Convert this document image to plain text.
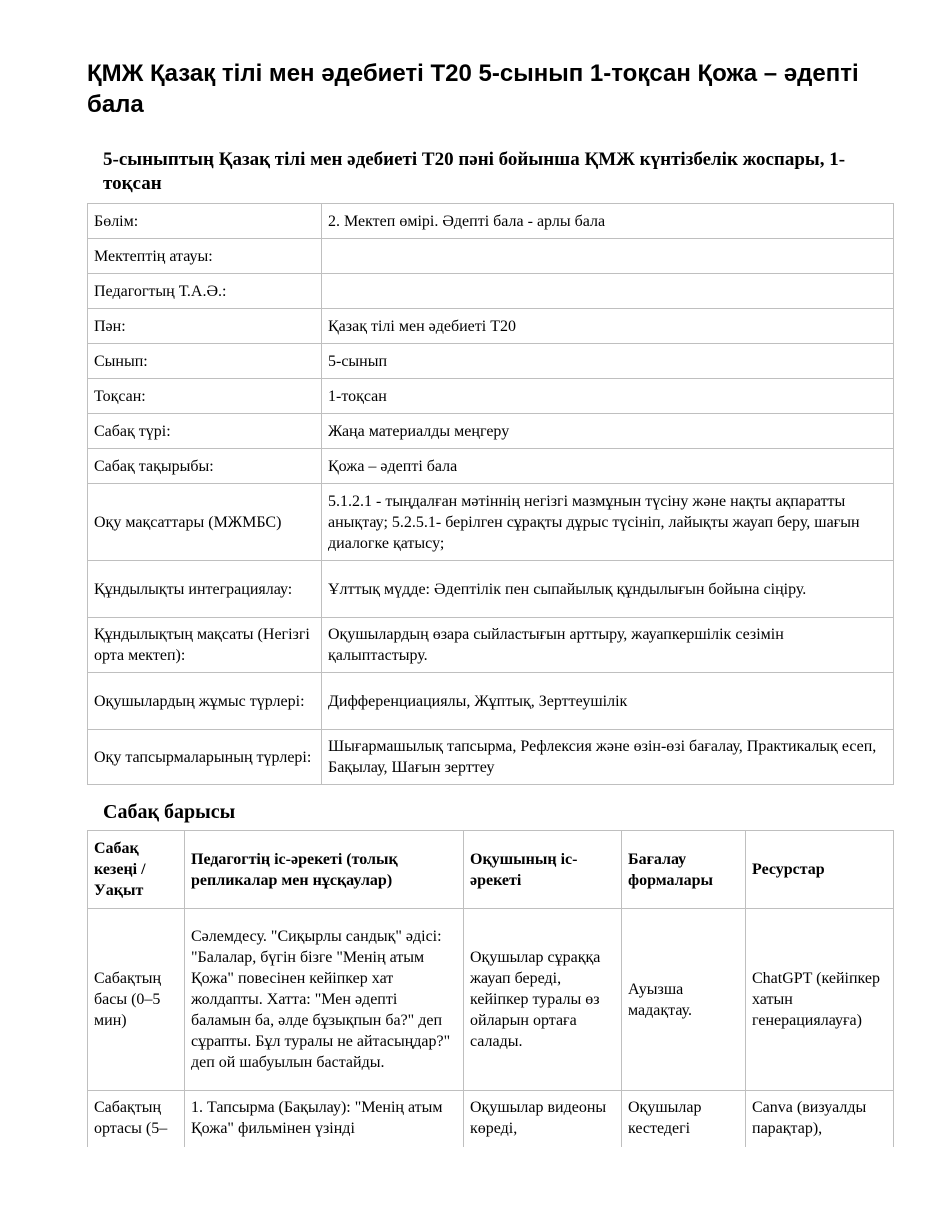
ҚМЖ Қазақ тілі мен әдебиеті Т20 5-сынып 1-тоқсан Қожа – әдепті бала
5-сыныптың Қазақ тілі мен әдебиеті Т20 пәні бойынша ҚМЖ күнтізбелік жоспары, 1-тоқсан
Бөлім:	2. Мектеп өмірі. Әдепті бала - арлы бала
Мектептің атауы:	
Педагогтың Т.А.Ә.:	
Пән:	Қазақ тілі мен әдебиеті Т20
Сынып:	5-сынып
Тоқсан:	1-тоқсан
Сабақ түрі:	Жаңа материалды меңгеру
Сабақ тақырыбы:	Қожа – әдепті бала
Оқу мақсаттары (МЖМБС)	5.1.2.1 - тыңдалған мәтіннің негізгі мазмұнын түсіну және нақты ақпаратты анықтау; 5.2.5.1- берілген сұрақты дұрыс түсініп, лайықты жауап беру, шағын диалогке қатысу;
Құндылықты интеграциялау:	Ұлттық мүдде: Әдептілік пен сыпайылық құндылығын бойына сіңіру.
Құндылықтың мақсаты (Негізгі орта мектеп):	Оқушылардың өзара сыйластығын арттыру, жауапкершілік сезімін қалыптастыру.
Оқушылардың жұмыс түрлері:	Дифференциациялы, Жұптық, Зерттеушілік
Оқу тапсырмаларының түрлері:	Шығармашылық тапсырма, Рефлексия және өзін-өзі бағалау, Практикалық есеп, Бақылау, Шағын зерттеу
Сабақ барысы
Сабақ кезеңі / Уақыт	Педагогтің іс-әрекеті (толық репликалар мен нұсқаулар)	Оқушының іс-әрекеті	Бағалау формалары	Ресурстар
Сабақтың басы (0–5 мин)	Сәлемдесу. "Сиқырлы сандық" әдісі: "Балалар, бүгін бізге "Менің атым Қожа" повесінен кейіпкер хат жолдапты. Хатта: "Мен әдепті баламын ба, әлде бұзықпын ба?" деп сұрапты. Бұл туралы не айтасыңдар?" деп ой шабуылын бастайды.	Оқушылар сұраққа жауап береді, кейіпкер туралы өз ойларын ортаға салады.	Ауызша мадақтау.	ChatGPT (кейіпкер хатын генерациялауға)
Сабақтың ортасы (5–	1. Тапсырма (Бақылау): "Менің атым Қожа" фильмінен үзінді	Оқушылар видеоны көреді,	Оқушылар кестедегі	Canva (визуалды парақтар),
